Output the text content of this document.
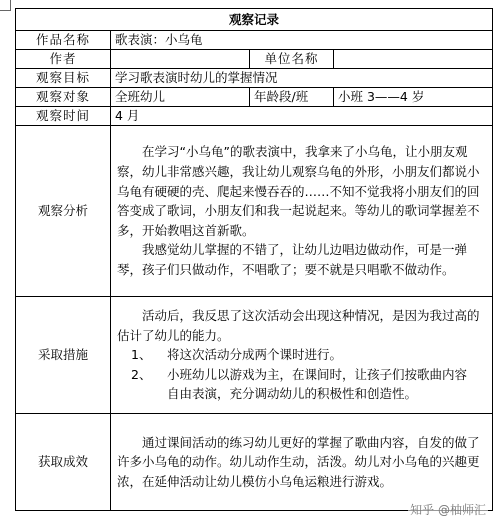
观察记录			
作品名称	歌表演：小乌龟		
作者		单位名称	
观察目标	学习歌表演时幼儿的掌握情况		
观察对象	全班幼儿	年龄段/班	小班 3——4 岁
观察时间	4 月		
观察分析	在学习“小乌龟”的歌表演中，我拿来了小乌龟，让小朋友观察，幼儿非常感兴趣，我让幼儿观察乌龟的外形，小朋友们都说小乌龟有硬硬的壳、爬起来慢吞吞的……不知不觉我将小朋友们的回答变成了歌词，小朋友们和我一起说起来。等幼儿的歌词掌握差不多，开始教唱这首新歌。

我感觉幼儿掌握的不错了，让幼儿边唱边做动作，可是一弹琴，孩子们只做动作，不唱歌了；要不就是只唱歌不做动作。		

采取措施	活动后，我反思了这次活动会出现这种情况，是因为我过高的估计了幼儿的能力。

1、 将这次活动分成两个课时进行。
2、 小班幼儿以游戏为主，在课间时，让孩子们按歌曲内容
自由表演，充分调动幼儿的积极性和创造性。		

获取成效	通过课间活动的练习幼儿更好的掌握了歌曲内容，自发的做了许多小乌龟的动作。幼儿动作生动，活泼。幼儿对小乌龟的兴趣更浓，在延伸活动让幼儿模仿小乌龟运粮进行游戏。		

知乎 @柚师汇
